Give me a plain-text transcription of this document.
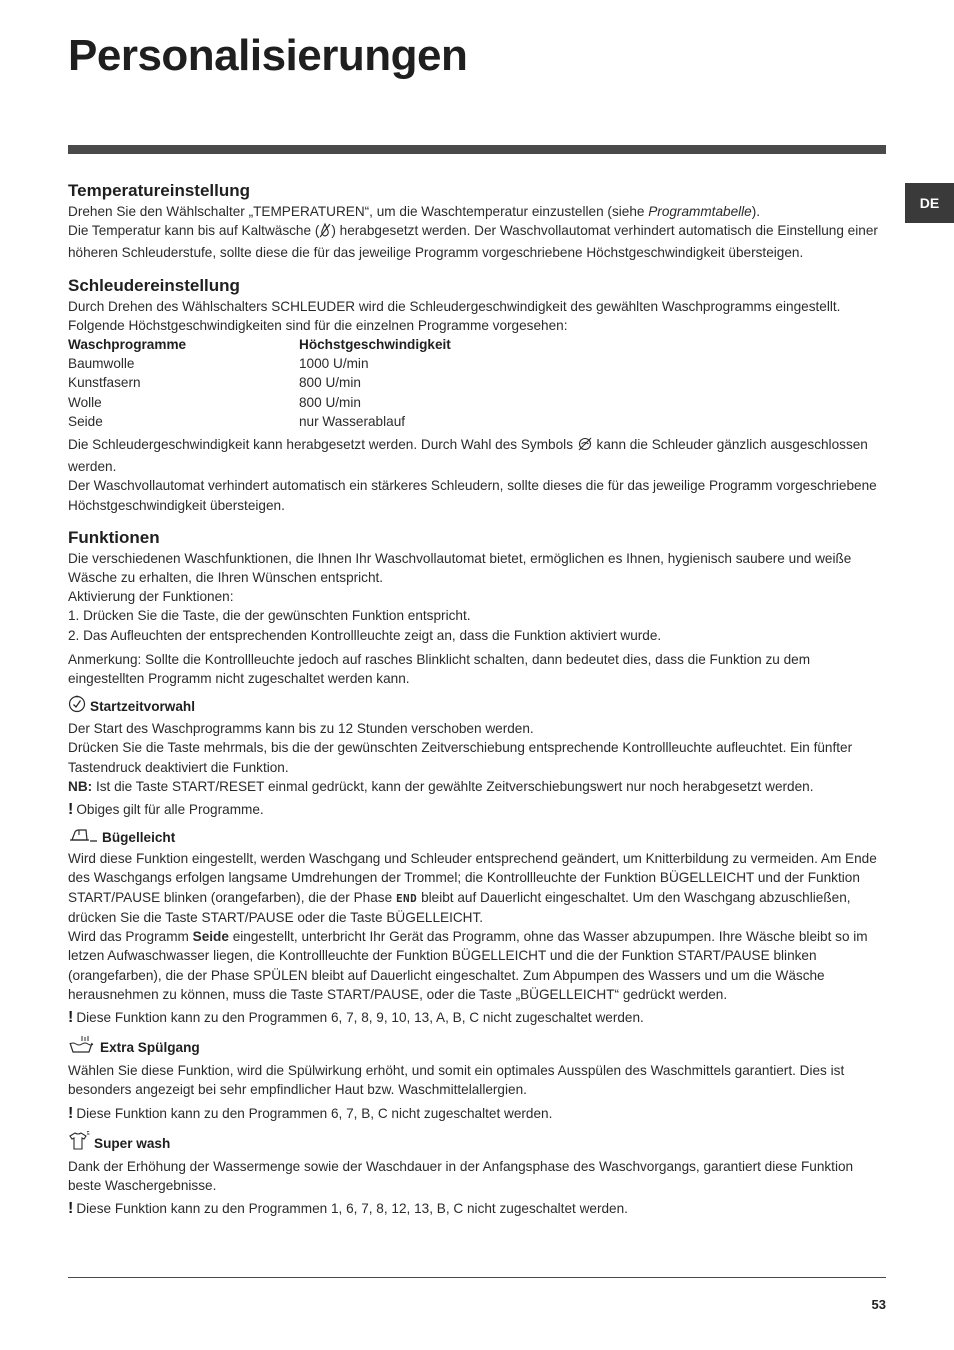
Personalisierungen
DE
Temperatureinstellung

Drehen Sie den Wählschalter „TEMPERATUREN“, um die Waschtemperatur einzustellen (siehe Programmtabelle).

Die Temperatur kann bis auf Kaltwäsche ( ) herabgesetzt werden. Der Waschvollautomat verhindert automatisch die Einstellung einer höheren Schleuderstufe, sollte diese die für das jeweilige Programm vorgeschriebene Höchstgeschwindigkeit übersteigen.

Schleudereinstellung

Durch Drehen des Wählschalters SCHLEUDER wird die Schleudergeschwindigkeit des gewählten Waschprogramms eingestellt.

Folgende Höchstgeschwindigkeiten sind für die einzelnen Programme vorgesehen:

Waschprogramme	Höchstgeschwindigkeit
Baumwolle	1000 U/min
Kunstfasern	800 U/min
Wolle	800 U/min
Seide	nur Wasserablauf

Die Schleudergeschwindigkeit kann herabgesetzt werden. Durch Wahl des Symbols  kann die Schleuder gänzlich ausgeschlossen werden.

Der Waschvollautomat verhindert automatisch ein stärkeres Schleudern, sollte dieses die für das jeweilige Programm vorgeschriebene Höchstgeschwindigkeit übersteigen.

Funktionen

Die verschiedenen Waschfunktionen, die Ihnen Ihr Waschvollautomat bietet, ermöglichen es Ihnen, hygienisch saubere und weiße Wäsche zu erhalten, die Ihren Wünschen entspricht.

Aktivierung der Funktionen:

1. Drücken Sie die Taste, die der gewünschten Funktion entspricht.

2. Das Aufleuchten der entsprechenden Kontrollleuchte zeigt an, dass die Funktion aktiviert wurde.

Anmerkung: Sollte die Kontrollleuchte jedoch auf rasches Blinklicht schalten, dann bedeutet dies, dass die Funktion zu dem eingestellten Programm nicht zugeschaltet werden kann.

Startzeitvorwahl

Der Start des Waschprogramms kann bis zu 12 Stunden verschoben werden.

Drücken Sie die Taste mehrmals, bis die der gewünschten Zeitverschiebung entsprechende Kontrollleuchte aufleuchtet. Ein fünfter Tastendruck deaktiviert die Funktion.

NB: Ist die Taste START/RESET einmal gedrückt, kann der gewählte Zeitverschiebungswert nur noch herabgesetzt werden.

! Obiges gilt für alle Programme.

Bügelleicht

Wird diese Funktion eingestellt, werden Waschgang und Schleuder entsprechend geändert, um Knitterbildung zu vermeiden. Am Ende des Waschgangs erfolgen langsame Umdrehungen der Trommel; die Kontrollleuchte der Funktion BÜGELLEICHT und der Funktion START/PAUSE blinken (orangefarben), die der Phase END bleibt auf Dauerlicht eingeschaltet. Um den Waschgang abzuschließen, drücken Sie die Taste START/PAUSE oder die Taste BÜGELLEICHT.

Wird das Programm Seide eingestellt, unterbricht Ihr Gerät das Programm, ohne das Wasser abzupumpen. Ihre Wäsche bleibt so im letzen Aufwaschwasser liegen, die Kontrollleuchte der Funktion BÜGELLEICHT und die der Funktion START/PAUSE blinken (orangefarben), die der Phase SPÜLEN bleibt auf Dauerlicht eingeschaltet. Zum Abpumpen des Wassers und um die Wäsche herausnehmen zu können, muss die Taste START/PAUSE, oder die Taste „BÜGELLEICHT“ gedrückt werden.

! Diese Funktion kann zu den Programmen 6, 7, 8, 9, 10, 13, A, B, C nicht zugeschaltet werden.

Extra Spülgang

Wählen Sie diese Funktion, wird die Spülwirkung erhöht, und somit ein optimales Ausspülen des Waschmittels garantiert. Dies ist besonders angezeigt bei sehr empfindlicher Haut bzw. Waschmittelallergien.

! Diese Funktion kann zu den Programmen 6, 7, B, C nicht zugeschaltet werden.

Super wash

Dank der Erhöhung der Wassermenge sowie der Waschdauer in der Anfangsphase des Waschvorgangs, garantiert diese Funktion beste Waschergebnisse.

! Diese Funktion kann zu den Programmen 1, 6, 7, 8, 12, 13, B, C nicht zugeschaltet werden.

53
